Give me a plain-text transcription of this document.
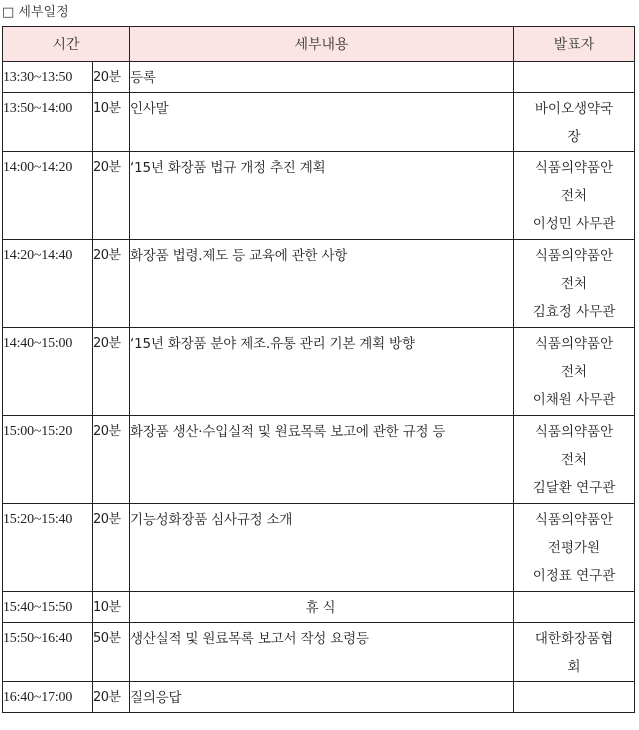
□ 세부일정
시간		세부내용	발표자
13:30~13:50	20분	등록	
13:50~14:00	10분	인사말	바이오생약국
장

14:00~14:20	20분	‘15년 화장품 법규 개정 추진 계획	식품의약품안
전처
이성민 사무관

14:20~14:40	20분	화장품 법령.제도 등 교육에 관한 사항	식품의약품안
전처
김효정 사무관

14:40~15:00	20분	‘15년 화장품 분야 제조.유통 관리 기본 계획 방향	식품의약품안
전처
이채원 사무관

15:00~15:20	20분	화장품 생산·수입실적 및 원료목록 보고에 관한 규정 등	식품의약품안
전처
김달환 연구관

15:20~15:40	20분	기능성화장품 심사규정 소개	식품의약품안
전평가원
이정표 연구관

15:40~15:50	10분	휴 식	
15:50~16:40	50분	생산실적 및 원료목록 보고서 작성 요령등	대한화장품협
회

16:40~17:00	20분	질의응답	
